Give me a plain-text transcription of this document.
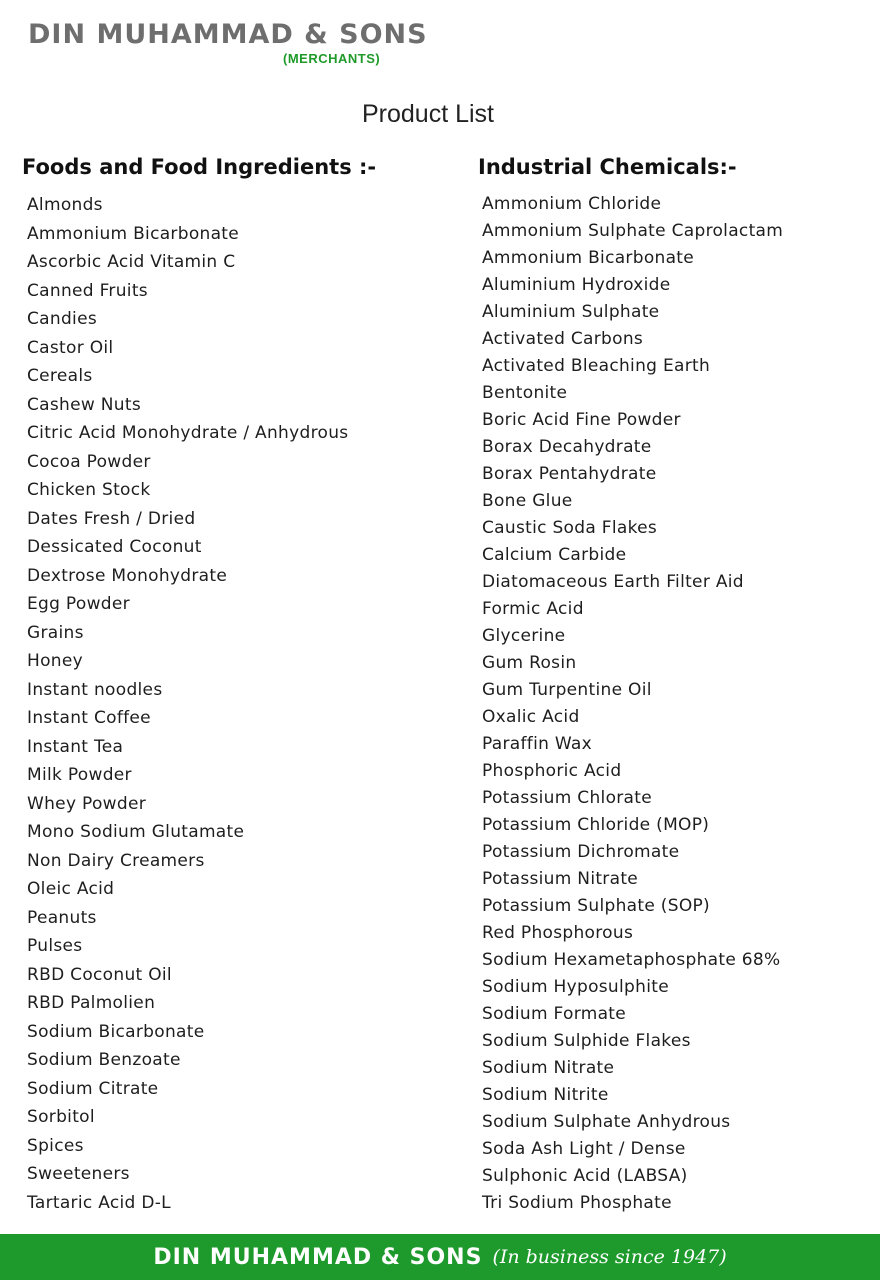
DIN MUHAMMAD & SONS
(MERCHANTS)
Product List
Foods and Food Ingredients :-
Almonds
Ammonium Bicarbonate
Ascorbic Acid Vitamin C
Canned Fruits
Candies
Castor Oil
Cereals
Cashew Nuts
Citric Acid Monohydrate / Anhydrous
Cocoa Powder
Chicken Stock
Dates Fresh / Dried
Dessicated Coconut
Dextrose Monohydrate
Egg Powder
Grains
Honey
Instant noodles
Instant Coffee
Instant Tea
Milk Powder
Whey Powder
Mono Sodium Glutamate
Non Dairy Creamers
Oleic Acid
Peanuts
Pulses
RBD Coconut Oil
RBD Palmolien
Sodium Bicarbonate
Sodium Benzoate
Sodium Citrate
Sorbitol
Spices
Sweeteners
Tartaric Acid D-L
Industrial Chemicals:-
Ammonium Chloride
Ammonium Sulphate Caprolactam
Ammonium Bicarbonate
Aluminium Hydroxide
Aluminium Sulphate
Activated Carbons
Activated Bleaching Earth
Bentonite
Boric Acid Fine Powder
Borax Decahydrate
Borax Pentahydrate
Bone Glue
Caustic Soda Flakes
Calcium Carbide
Diatomaceous Earth Filter Aid
Formic Acid
Glycerine
Gum Rosin
Gum Turpentine Oil
Oxalic Acid
Paraffin Wax
Phosphoric Acid
Potassium Chlorate
Potassium Chloride (MOP)
Potassium Dichromate
Potassium Nitrate
Potassium Sulphate (SOP)
Red Phosphorous
Sodium Hexametaphosphate 68%
Sodium Hyposulphite
Sodium Formate
Sodium Sulphide Flakes
Sodium Nitrate
Sodium Nitrite
Sodium Sulphate Anhydrous
Soda Ash Light / Dense
Sulphonic Acid (LABSA)
Tri Sodium Phosphate
DIN MUHAMMAD & SONS (In business since 1947)
